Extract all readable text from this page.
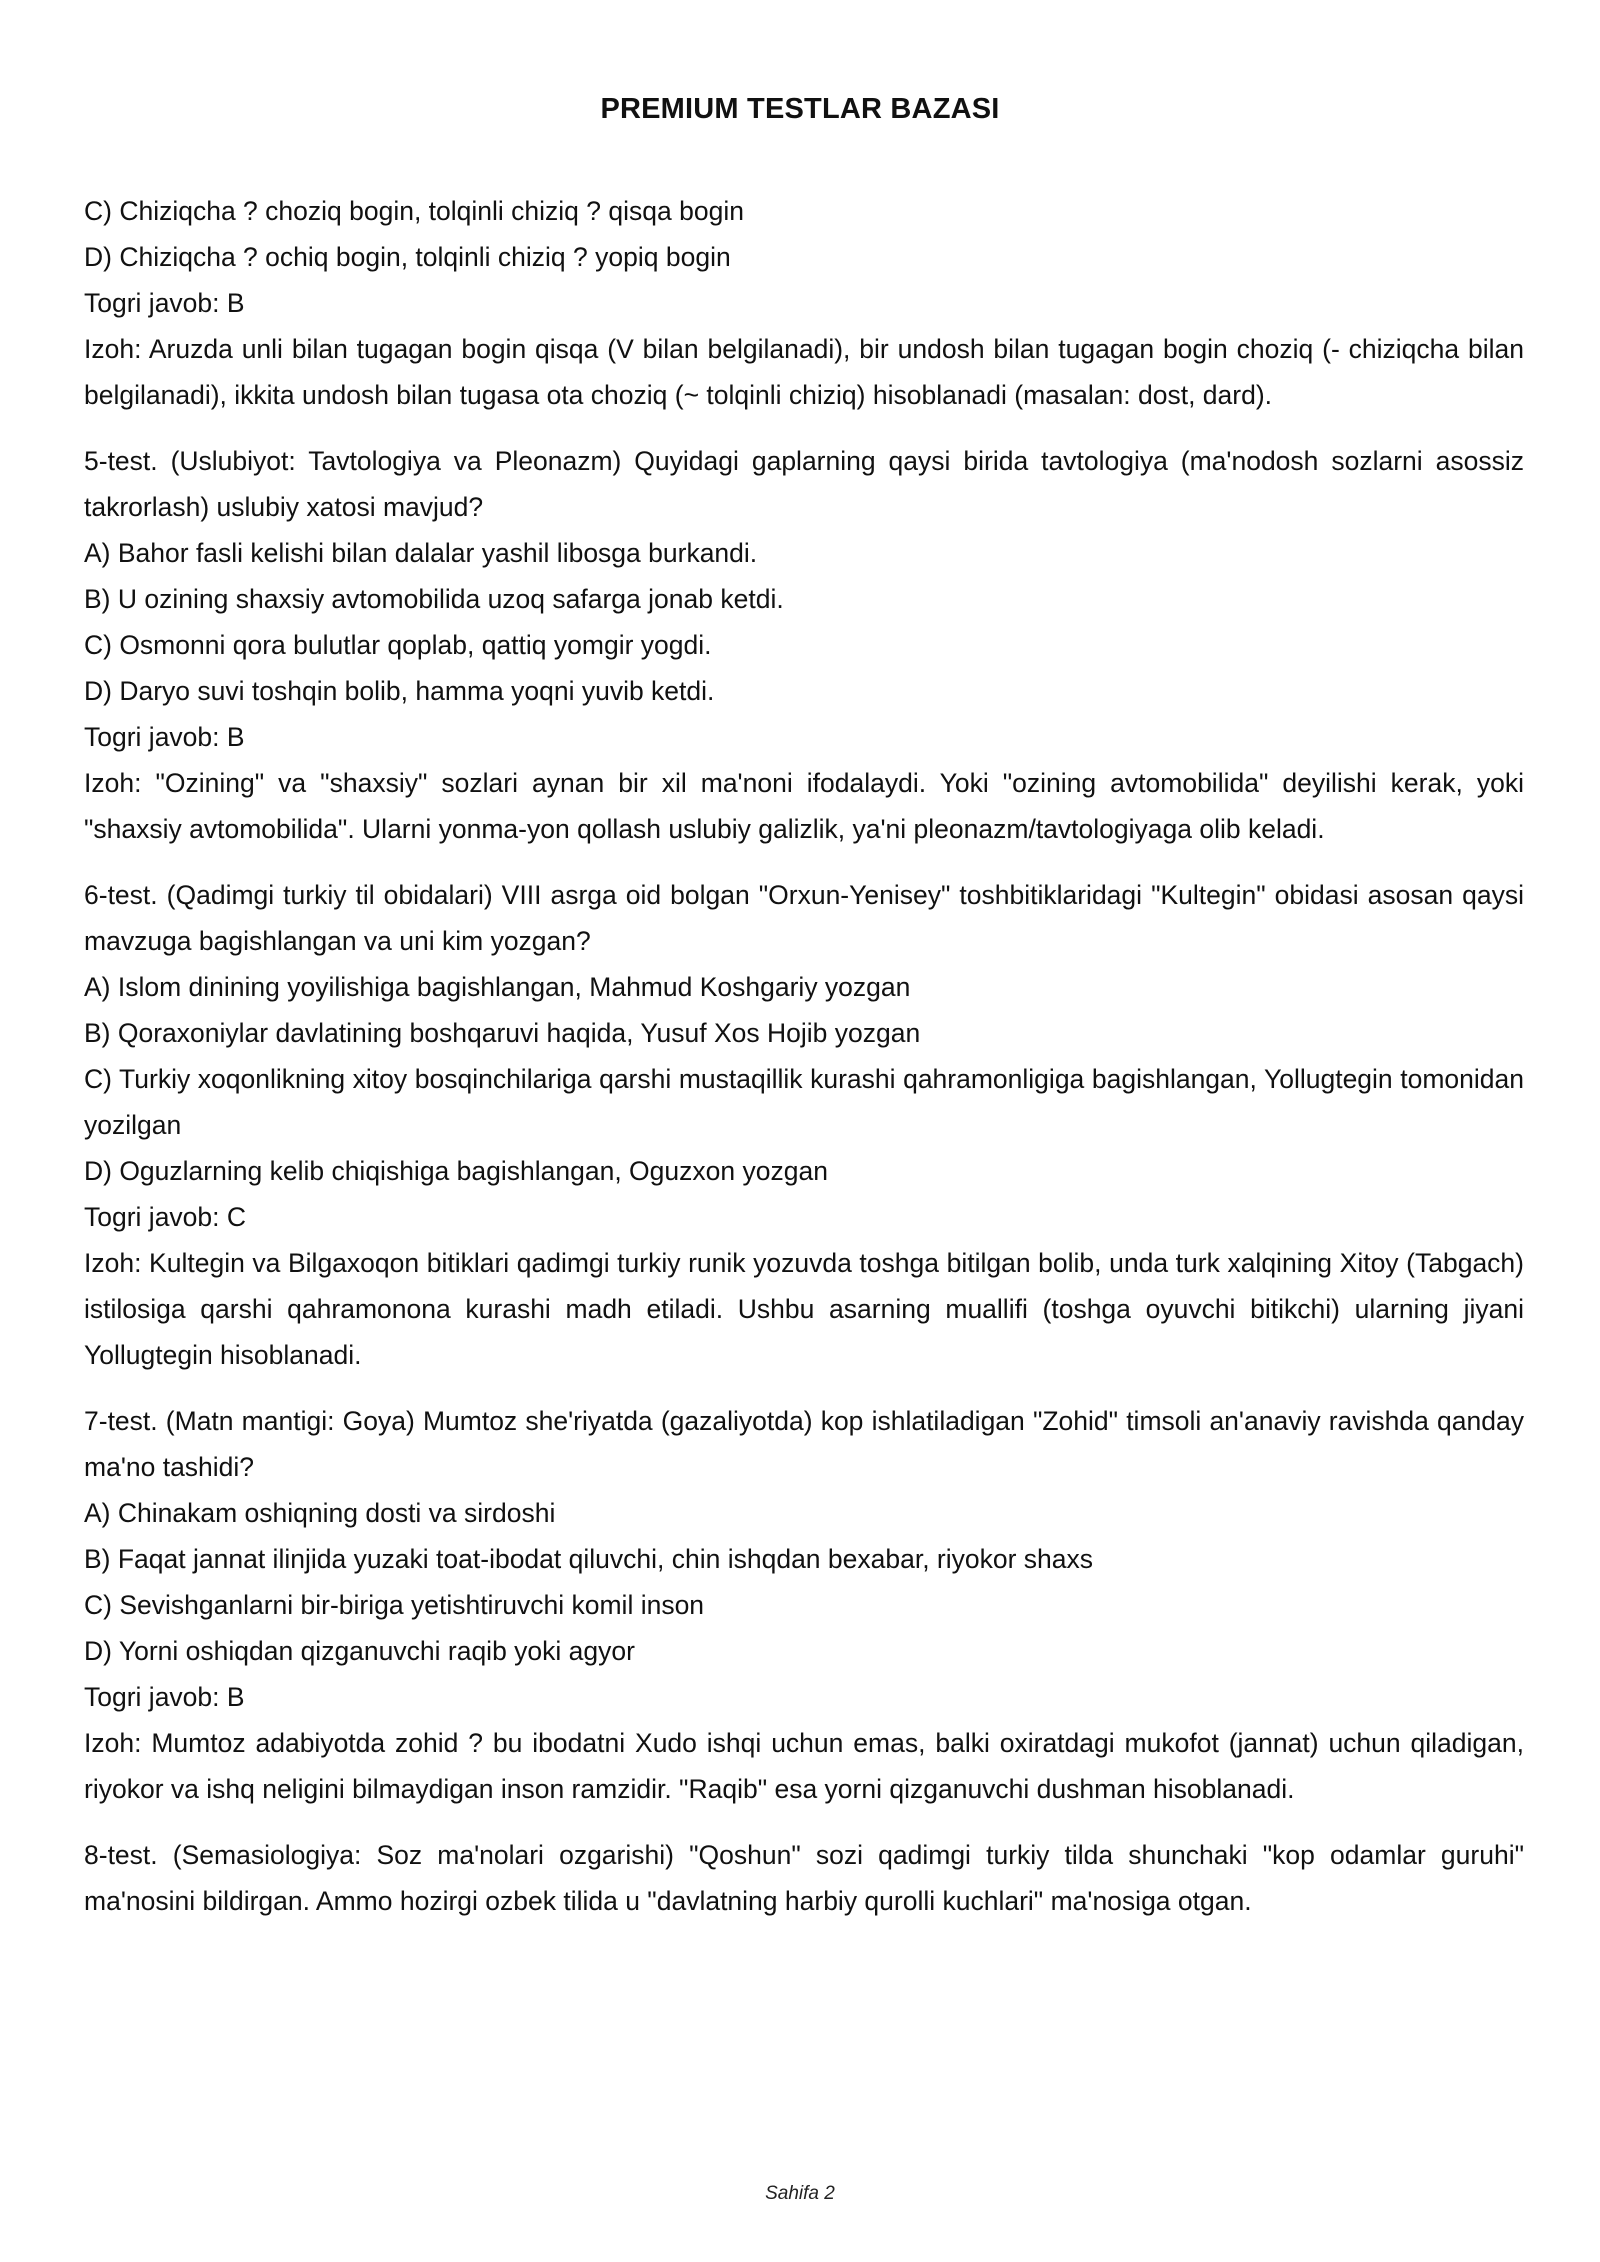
PREMIUM TESTLAR BAZASI

C) Chiziqcha ? choziq bogin, tolqinli chiziq ? qisqa bogin

D) Chiziqcha ? ochiq bogin, tolqinli chiziq ? yopiq bogin

Togri javob: B

Izoh: Aruzda unli bilan tugagan bogin qisqa (V bilan belgilanadi), bir undosh bilan tugagan bogin choziq (- chiziqcha bilan belgilanadi), ikkita undosh bilan tugasa ota choziq (~ tolqinli chiziq) hisoblanadi (masalan: dost, dard).

5-test. (Uslubiyot: Tavtologiya va Pleonazm) Quyidagi gaplarning qaysi birida tavtologiya (ma'nodosh sozlarni asossiz takrorlash) uslubiy xatosi mavjud?

A) Bahor fasli kelishi bilan dalalar yashil libosga burkandi.

B) U ozining shaxsiy avtomobilida uzoq safarga jonab ketdi.

C) Osmonni qora bulutlar qoplab, qattiq yomgir yogdi.

D) Daryo suvi toshqin bolib, hamma yoqni yuvib ketdi.

Togri javob: B

Izoh: "Ozining" va "shaxsiy" sozlari aynan bir xil ma'noni ifodalaydi. Yoki "ozining avtomobilida" deyilishi kerak, yoki "shaxsiy avtomobilida". Ularni yonma-yon qollash uslubiy galizlik, ya'ni pleonazm/tavtologiyaga olib keladi.

6-test. (Qadimgi turkiy til obidalari) VIII asrga oid bolgan "Orxun-Yenisey" toshbitiklaridagi "Kultegin" obidasi asosan qaysi mavzuga bagishlangan va uni kim yozgan?

A) Islom dinining yoyilishiga bagishlangan, Mahmud Koshgariy yozgan

B) Qoraxoniylar davlatining boshqaruvi haqida, Yusuf Xos Hojib yozgan

C) Turkiy xoqonlikning xitoy bosqinchilariga qarshi mustaqillik kurashi qahramonligiga bagishlangan, Yollugtegin tomonidan yozilgan

D) Oguzlarning kelib chiqishiga bagishlangan, Oguzxon yozgan

Togri javob: C

Izoh: Kultegin va Bilgaxoqon bitiklari qadimgi turkiy runik yozuvda toshga bitilgan bolib, unda turk xalqining Xitoy (Tabgach) istilosiga qarshi qahramonona kurashi madh etiladi. Ushbu asarning muallifi (toshga oyuvchi bitikchi) ularning jiyani Yollugtegin hisoblanadi.

7-test. (Matn mantigi: Goya) Mumtoz she'riyatda (gazaliyotda) kop ishlatiladigan "Zohid" timsoli an'anaviy ravishda qanday ma'no tashidi?

A) Chinakam oshiqning dosti va sirdoshi

B) Faqat jannat ilinjida yuzaki toat-ibodat qiluvchi, chin ishqdan bexabar, riyokor shaxs

C) Sevishganlarni bir-biriga yetishtiruvchi komil inson

D) Yorni oshiqdan qizganuvchi raqib yoki agyor

Togri javob: B

Izoh: Mumtoz adabiyotda zohid ? bu ibodatni Xudo ishqi uchun emas, balki oxiratdagi mukofot (jannat) uchun qiladigan, riyokor va ishq neligini bilmaydigan inson ramzidir. "Raqib" esa yorni qizganuvchi dushman hisoblanadi.

8-test. (Semasiologiya: Soz ma'nolari ozgarishi) "Qoshun" sozi qadimgi turkiy tilda shunchaki "kop odamlar guruhi" ma'nosini bildirgan. Ammo hozirgi ozbek tilida u "davlatning harbiy qurolli kuchlari" ma'nosiga otgan.

Sahifa 2
